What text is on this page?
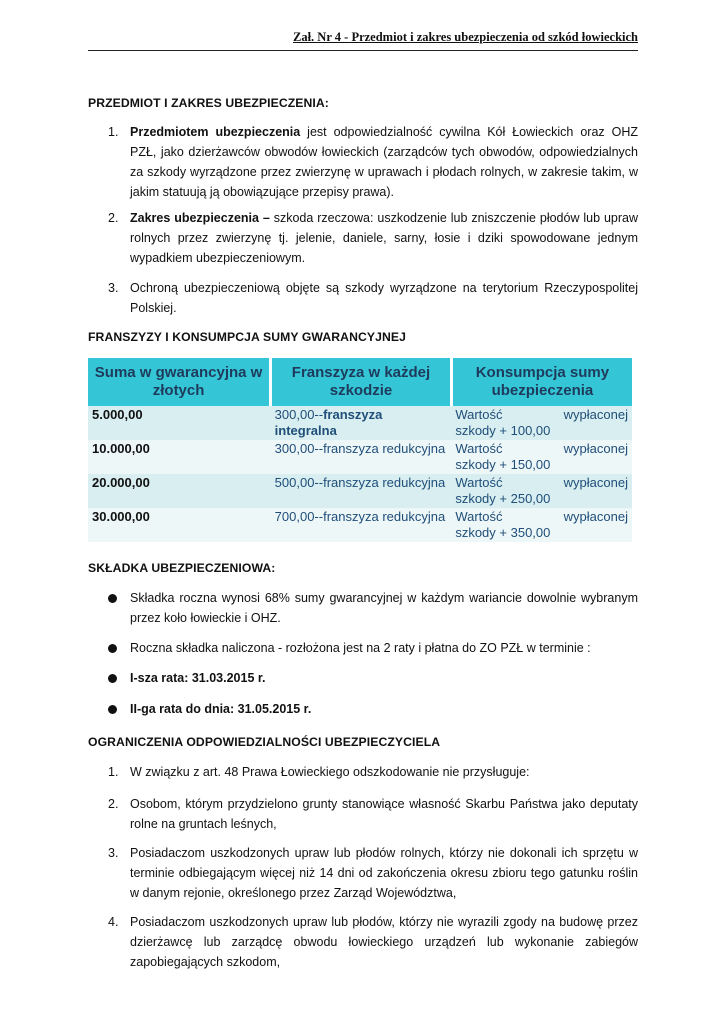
Zał. Nr 4 - Przedmiot i zakres ubezpieczenia od szkód łowieckich
PRZEDMIOT I ZAKRES UBEZPIECZENIA:
1. Przedmiotem ubezpieczenia jest odpowiedzialność cywilna Kół Łowieckich oraz OHZ PZŁ, jako dzierżawców obwodów łowieckich (zarządców tych obwodów, odpowiedzialnych za szkody wyrządzone przez zwierzynę w uprawach i płodach rolnych, w zakresie takim, w jakim statuują ją obowiązujące przepisy prawa).
2. Zakres ubezpieczenia – szkoda rzeczowa: uszkodzenie lub zniszczenie płodów lub upraw rolnych przez zwierzynę tj. jelenie, daniele, sarny, łosie i dziki spowodowane jednym wypadkiem ubezpieczeniowym.
3. Ochroną ubezpieczeniową objęte są szkody wyrządzone na terytorium Rzeczypospolitej Polskiej.
FRANSZYZY I KONSUMPCJA SUMY GWARANCYJNEJ
Suma w gwarancyjna w złotych	Franszyza w każdej szkodzie	Konsumpcja sumy ubezpieczenia
5.000,00	300,00--franszyza integralna	Wartość wypłaconej
szkody + 100,00
10.000,00	300,00--franszyza redukcyjna	Wartość wypłaconej
szkody + 150,00
20.000,00	500,00--franszyza redukcyjna	Wartość wypłaconej
szkody + 250,00
30.000,00	700,00--franszyza redukcyjna	Wartość wypłaconej
szkody + 350,00
SKŁADKA UBEZPIECZENIOWA:
Składka roczna wynosi 68% sumy gwarancyjnej w każdym wariancie dowolnie wybranym przez koło łowieckie i OHZ.
Roczna składka naliczona - rozłożona jest na 2 raty i płatna do ZO PZŁ w terminie :
I-sza rata: 31.03.2015 r.
II-ga rata do dnia: 31.05.2015 r.
OGRANICZENIA ODPOWIEDZIALNOŚCI UBEZPIECZYCIELA
1. W związku z art. 48 Prawa Łowieckiego odszkodowanie nie przysługuje:
2. Osobom, którym przydzielono grunty stanowiące własność Skarbu Państwa jako deputaty rolne na gruntach leśnych,
3. Posiadaczom uszkodzonych upraw lub płodów rolnych, którzy nie dokonali ich sprzętu w terminie odbiegającym więcej niż 14 dni od zakończenia okresu zbioru tego gatunku roślin w danym rejonie, określonego przez Zarząd Województwa,
4. Posiadaczom uszkodzonych upraw lub płodów, którzy nie wyrazili zgody na budowę przez dzierżawcę lub zarządcę obwodu łowieckiego urządzeń lub wykonanie zabiegów zapobiegających szkodom,
